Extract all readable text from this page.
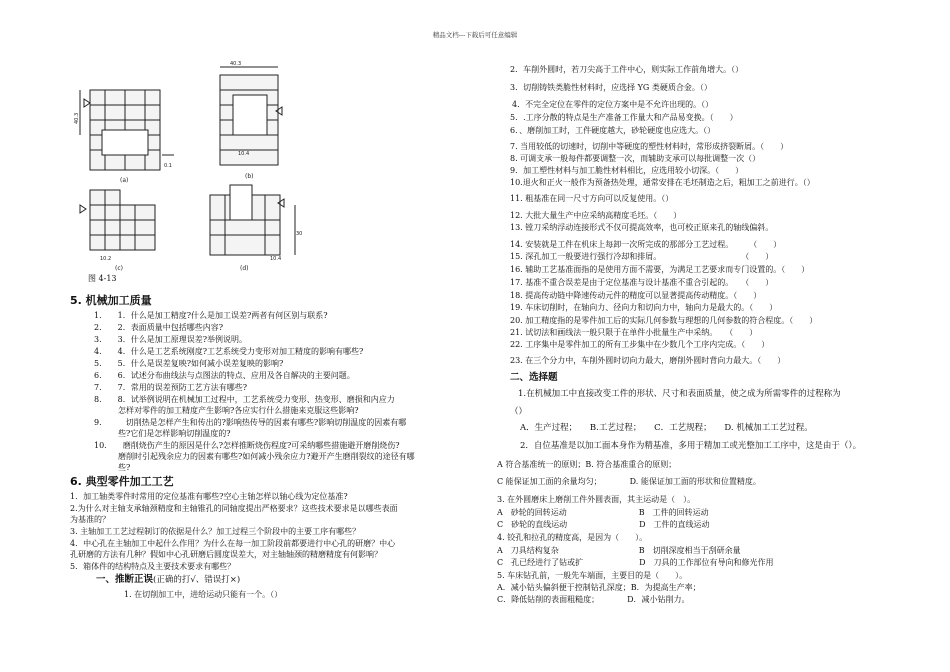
精品文档---下载后可任意编辑
(a)
40.3
0.1
40.3
10.4
(b)
10.2
(c)
30
10.4
(d)
图 4-13
5. 机械加工质量
1.　　1．什么是加工精度?什么是加工误差?两者有何区别与联系?
2.　　2．表面质量中包括哪些内容?
3.　　3．什么是加工原理误差?举例说明。
4.　　4．什么是工艺系统刚度?工艺系统受力变形对加工精度的影响有哪些?
5.　　5．什么是误差复映?如何减小误差复映的影响?
6.　　6．试述分布曲线法与点图法的特点、应用及各自解决的主要问题。
7.　　7．常用的误差预防工艺方法有哪些?
8.　　8．试举例说明在机械加工过程中，工艺系统受力变形、热变形、磨损和内应力
　　　怎样对零件的加工精度产生影响?各应实行什么措施来克服这些影响?
9.　　　切削热是怎样产生和传出的?影响热传导的因素有哪些?影响切削温度的因素有哪
　　　些?它们是怎样影响切削温度的?
10.　　磨削烧伤产生的原因是什么?怎样推断烧伤程度?可采纳哪些措施避开磨削烧伤?
　　　磨削时引起残余应力的因素有哪些?如何减小残余应力?避开产生磨削裂纹的途径有哪
　　　些?
6. 典型零件加工工艺
1．加工轴类零件时常用的定位基准有哪些?空心主轴怎样以轴心线为定位基准?
2.为什么对主轴支承轴颈精度和主轴锥孔的同轴度提出严格要求？这些技术要求是以哪些表面
为基准的？
3. 主轴加工工艺过程制订的依据是什么？加工过程三个阶段中的主要工序有哪些？
4．中心孔在主轴加工中起什么作用？为什么在每一加工阶段前都要进行中心孔的研磨？中心
孔研磨的方法有几种？假如中心孔研磨后圆度误差大，对主轴轴颈的精磨精度有何影响？
5．箱体件的结构特点及主要技术要求有哪些？
一、推断正误(正确的打√、错误打×)
1. 在切削加工中，进给运动只能有一个。（）
2．车削外圆时，若刀尖高于工件中心，则实际工作前角增大。（）
3．切削铸铁类脆性材料时，应选择 YG 类硬质合金。（）
4．不完全定位在零件的定位方案中是不允许出现的。（）
5．.工序分散的特点是生产准备工作量大和产品易变换。（　　）
6．、磨削加工时，工件硬度越大，砂轮硬度也应选大。（）
7. 当用较低的切速时，切削中等硬度的塑性材料时，常形成挤裂断屑。（　　）
8. 可调支承一般每件都要调整一次，而辅助支承可以每批调整一次（）
9．加工塑性材料与加工脆性材料相比，应选用较小切深。（　　）
10.退火和正火一般作为预备热处理，通常安排在毛坯制造之后，粗加工之前进行。（）
11. 粗基准在同一尺寸方向可以反复使用。（）
12. 大批大量生产中应采纳高精度毛坯。（　　）
13. 镗刀采纳浮动连接形式不仅可提高效率，也可校正原来孔的轴线偏斜。
14. 安装就是工件在机床上每卸一次所完成的那部分工艺过程。　　　（　　）
15. 深孔加工一般要进行强行冷却和排屑。　　　　　　　　　　　（　　）
16. 辅助工艺基准面指的是使用方面不需要，为满足工艺要求而专门设置的。（　　）
17. 基准不重合误差是由于定位基准与设计基准不重合引起的。　　（　　）
18. 提高传动链中降速传动元件的精度可以显著提高传动精度。（　　）
19. 车床切削时，在轴向力、径向力和切向力中，轴向力是最大的。（　　）
20. 加工精度指的是零件加工后的实际几何参数与理想的几何参数的符合程度。（　　）
21. 试切法和画线法一般只限于在单件小批量生产中采纳。　　（　　）
22. 工序集中是零件加工的所有工步集中在少数几个工序内完成。（　　）
23. 在三个分力中，车削外圆时切向力最大，磨削外圆时背向力最大。（　　）
二、选择题
1.在机械加工中直接改变工件的形状、尺寸和表面质量，使之成为所需零件的过程称为
（）
A．生产过程；　　B.工艺过程；　　C．工艺规程；　　D. 机械加工工艺过程。
2．自位基准是以加工面本身作为精基准，多用于精加工或光整加工工序中，这是由于（）。
A 符合基准统一的原则；B. 符合基准重合的原则；
C 能保证加工面的余量均匀；　　　　D. 能保证加工面的形状和位置精度。
3. 在外圆磨床上磨削工件外圆表面，其主运动是（　）。
A　砂轮的回转运动　　　　　　　　　B　工件的回转运动
C　砂轮的直线运动　　　　　　　　　D　工件的直线运动
4. 铰孔和拉孔的精度高，是因为（　　）。
A　刀具结构复杂　　　　　　　　　　B　切削深度相当于刮研余量
C　孔已经进行了钻或扩　　　　　　　D　刀具的工作部位有导向和修光作用
5. 车床钻孔前，一般先车端面，主要目的是（　　）。
A．减小钻头偏斜便于控制钻孔深度；B．为提高生产率；
C．降低钻削的表面粗糙度；　　　　D．减小钻削力。
